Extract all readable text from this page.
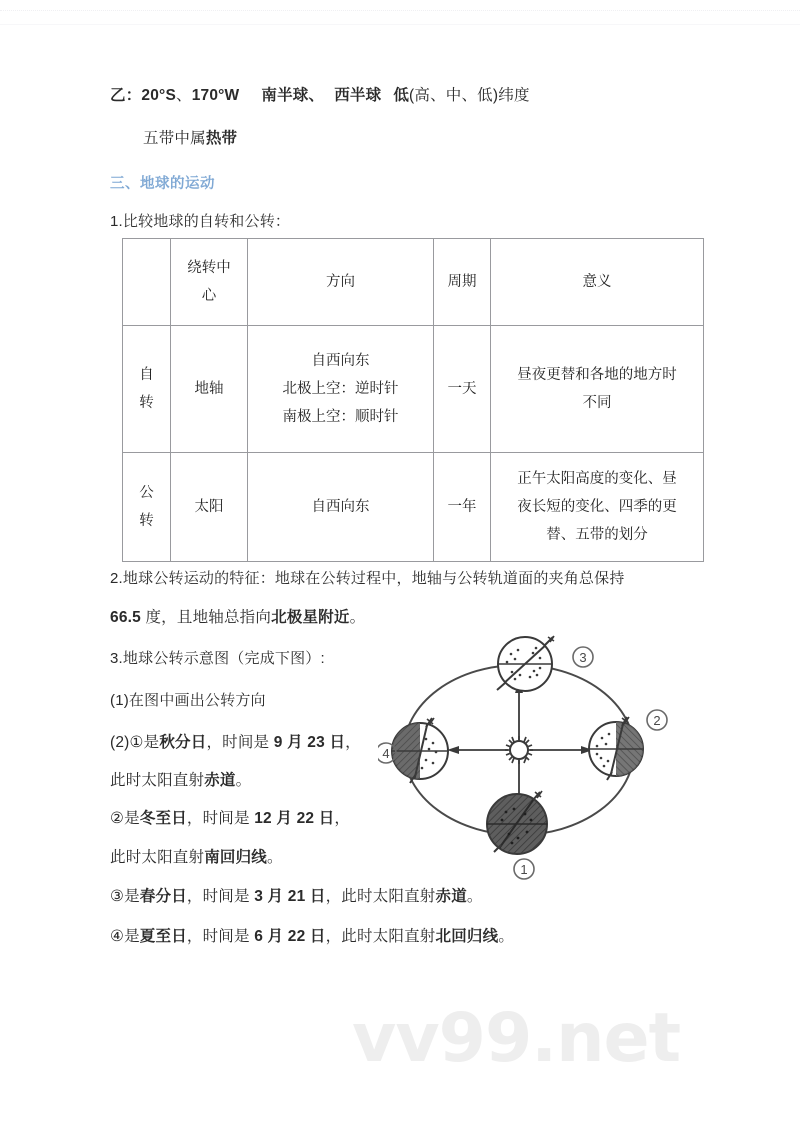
乙：20°S、170°W 南半球、 西半球 低(高、中、低)纬度
五带中属热带
三、地球的运动
1.比较地球的自转和公转：

	绕转中
心	方向	周期	意义

自
转	地轴	自西向东
北极上空：逆时针
南极上空：顺时针	一天	昼夜更替和各地的地方时
不同

公
转	太阳	自西向东	一年	正午太阳高度的变化、昼
夜长短的变化、四季的更
替、五带的划分
2.地球公转运动的特征：地球在公转过程中，地轴与公转轨道面的夹角总保持
66.5 度，且地轴总指向北极星附近。
3.地球公转示意图（完成下图）:
(1)在图中画出公转方向
(2)①是秋分日，时间是 9 月 23 日，
此时太阳直射赤道。
②是冬至日，时间是 12 月 22 日，
此时太阳直射南回归线。
③是春分日，时间是 3 月 21 日，此时太阳直射赤道。
④是夏至日，时间是 6 月 22 日，此时太阳直射北回归线。
3
2
1
4
vv99.net
